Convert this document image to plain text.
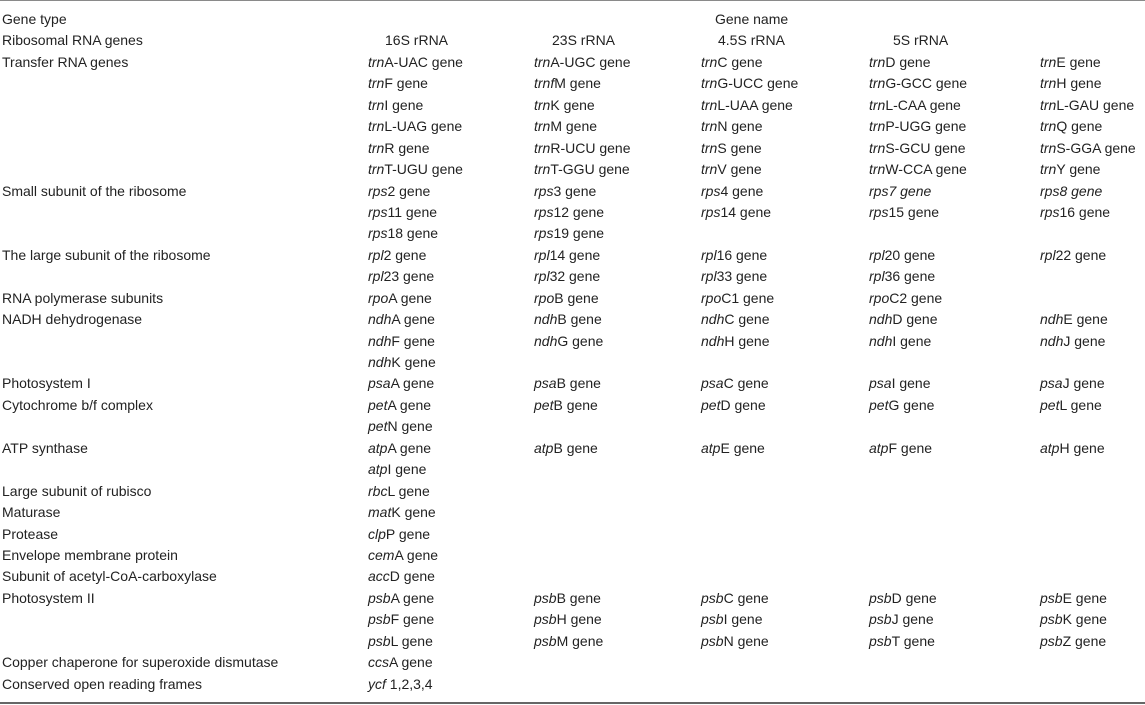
Gene type	Gene name
Ribosomal RNA genes	16S rRNA	23S rRNA	4.5S rRNA	5S rRNA
Transfer RNA genes	trnA-UAC gene	trnA-UGC gene	trnC gene	trnD gene	trnE gene
trnF gene	trnfM gene	trnG-UCC gene	trnG-GCC gene	trnH gene
trnI gene	trnK gene	trnL-UAA gene	trnL-CAA gene	trnL-GAU gene
trnL-UAG gene	trnM gene	trnN gene	trnP-UGG gene	trnQ gene
trnR gene	trnR-UCU gene	trnS gene	trnS-GCU gene	trnS-GGA gene
trnT-UGU gene	trnT-GGU gene	trnV gene	trnW-CCA gene	trnY gene
Small subunit of the ribosome	rps2 gene	rps3 gene	rps4 gene	rps7 gene	rps8 gene
rps11 gene	rps12 gene	rps14 gene	rps15 gene	rps16 gene
rps18 gene	rps19 gene
The large subunit of the ribosome	rpl2 gene	rpl14 gene	rpl16 gene	rpl20 gene	rpl22 gene
rpl23 gene	rpl32 gene	rpl33 gene	rpl36 gene
RNA polymerase subunits	rpoA gene	rpoB gene	rpoC1 gene	rpoC2 gene
NADH dehydrogenase	ndhA gene	ndhB gene	ndhC gene	ndhD gene	ndhE gene
ndhF gene	ndhG gene	ndhH gene	ndhI gene	ndhJ gene
ndhK gene
Photosystem I	psaA gene	psaB gene	psaC gene	psaI gene	psaJ gene
Cytochrome b/f complex	petA gene	petB gene	petD gene	petG gene	petL gene
petN gene
ATP synthase	atpA gene	atpB gene	atpE gene	atpF gene	atpH gene
atpI gene
Large subunit of rubisco	rbcL gene
Maturase	matK gene
Protease	clpP gene
Envelope membrane protein	cemA gene
Subunit of acetyl-CoA-carboxylase	accD gene
Photosystem II	psbA gene	psbB gene	psbC gene	psbD gene	psbE gene
psbF gene	psbH gene	psbI gene	psbJ gene	psbK gene
psbL gene	psbM gene	psbN gene	psbT gene	psbZ gene
Copper chaperone for superoxide dismutase	ccsA gene
Conserved open reading frames	ycf 1,2,3,4
